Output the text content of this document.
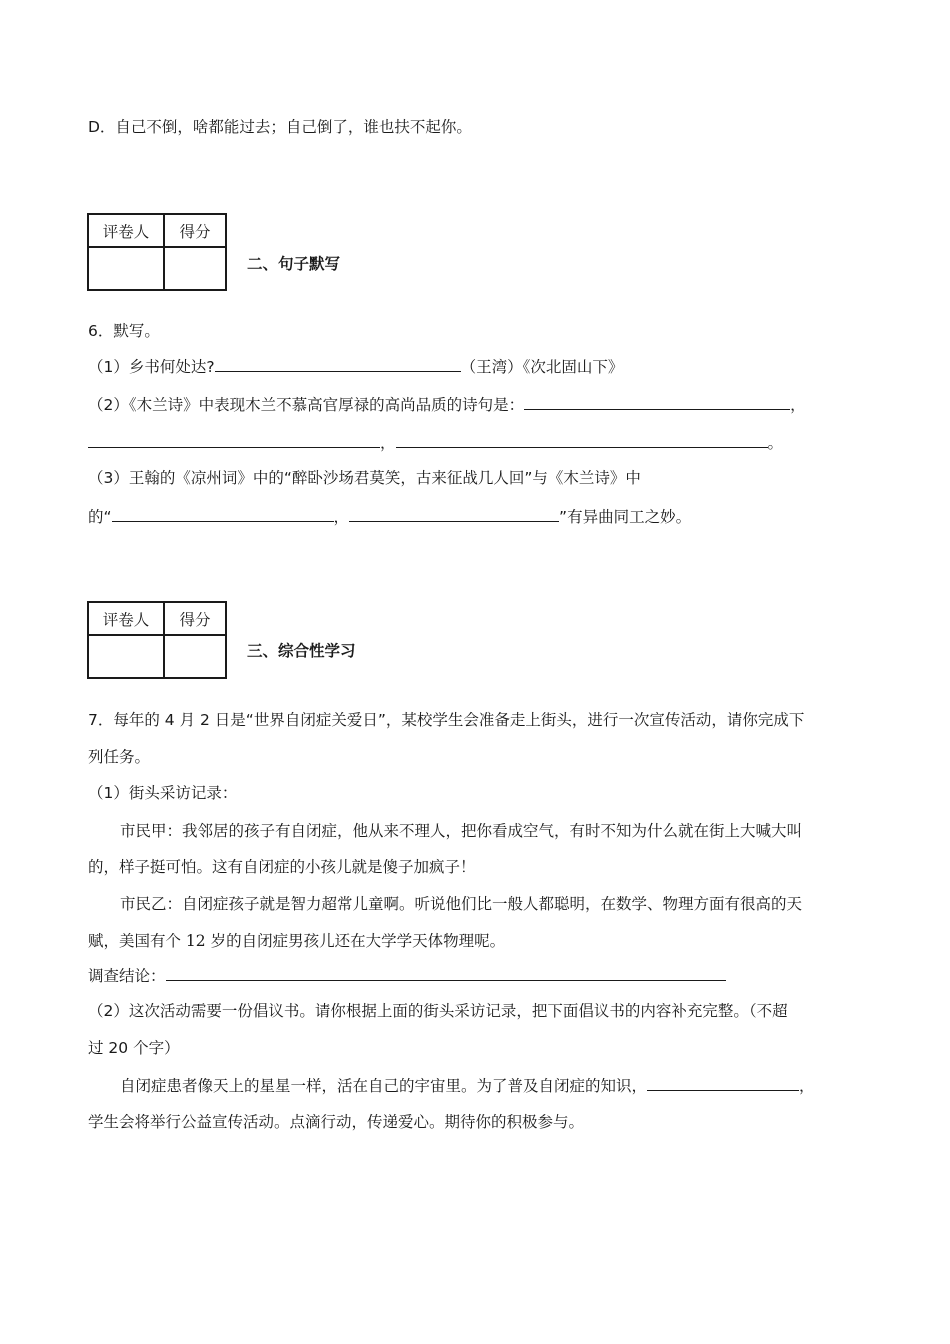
D．自己不倒，啥都能过去；自己倒了，谁也扶不起你。
评卷人	得分

二、句子默写
6．默写。
（1）乡书何处达?	（王湾）《次北固山下》
（2）《木兰诗》中表现木兰不慕高官厚禄的高尚品质的诗句是：	，
，	。
（3）王翰的《凉州词》中的“醉卧沙场君莫笑，古来征战几人回”与《木兰诗》中
的“	，	”有异曲同工之妙。
评卷人	得分

三、综合性学习
7．每年的 4 月 2 日是“世界自闭症关爱日”，某校学生会准备走上街头，进行一次宣传活动，请你完成下
列任务。
（1）街头采访记录：
市民甲：我邻居的孩子有自闭症，他从来不理人，把你看成空气，有时不知为什么就在街上大喊大叫
的，样子挺可怕。这有自闭症的小孩儿就是傻子加疯子！
市民乙：自闭症孩子就是智力超常儿童啊。听说他们比一般人都聪明，在数学、物理方面有很高的天
赋，美国有个 12 岁的自闭症男孩儿还在大学学天体物理呢。
调查结论：
（2）这次活动需要一份倡议书。请你根据上面的街头采访记录，把下面倡议书的内容补充完整。（不超
过 20 个字）
自闭症患者像天上的星星一样，活在自己的宇宙里。为了普及自闭症的知识，	，
学生会将举行公益宣传活动。点滴行动，传递爱心。期待你的积极参与。
